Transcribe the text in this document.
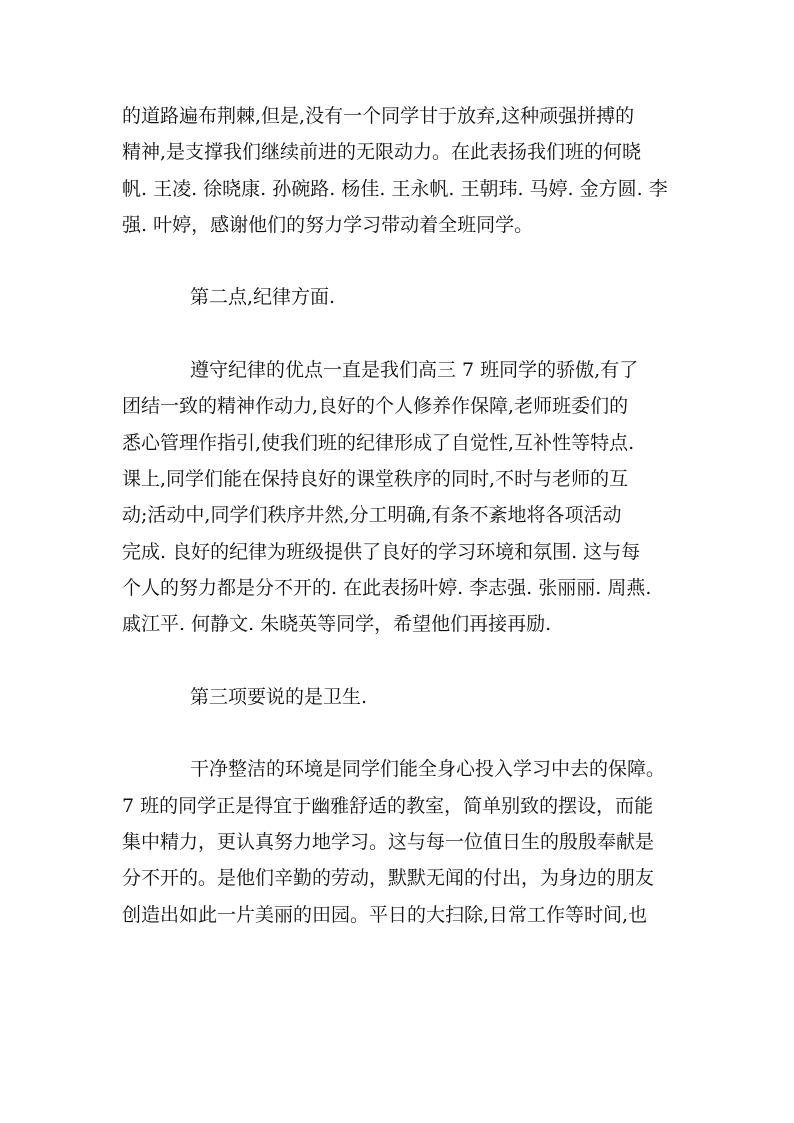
的道路遍布荆棘,但是,没有一个同学甘于放弃,这种顽强拼搏的
精神,是支撑我们继续前进的无限动力。在此表扬我们班的何晓
帆. 王凌. 徐晓康. 孙碗路. 杨佳. 王永帆. 王朝玮. 马婷. 金方圆. 李
强. 叶婷，感谢他们的努力学习带动着全班同学。
第二点,纪律方面.
遵守纪律的优点一直是我们高三 7 班同学的骄傲,有了
团结一致的精神作动力,良好的个人修养作保障,老师班委们的
悉心管理作指引,使我们班的纪律形成了自觉性,互补性等特点.
课上,同学们能在保持良好的课堂秩序的同时,不时与老师的互
动;活动中,同学们秩序井然,分工明确,有条不紊地将各项活动
完成. 良好的纪律为班级提供了良好的学习环境和氛围. 这与每
个人的努力都是分不开的. 在此表扬叶婷. 李志强. 张丽丽. 周燕.
戚江平. 何静文. 朱晓英等同学，希望他们再接再励.
第三项要说的是卫生.
干净整洁的环境是同学们能全身心投入学习中去的保障。
7 班的同学正是得宜于幽雅舒适的教室，简单别致的摆设，而能
集中精力，更认真努力地学习。这与每一位值日生的殷殷奉献是
分不开的。是他们辛勤的劳动，默默无闻的付出，为身边的朋友
创造出如此一片美丽的田园。平日的大扫除,日常工作等时间,也
